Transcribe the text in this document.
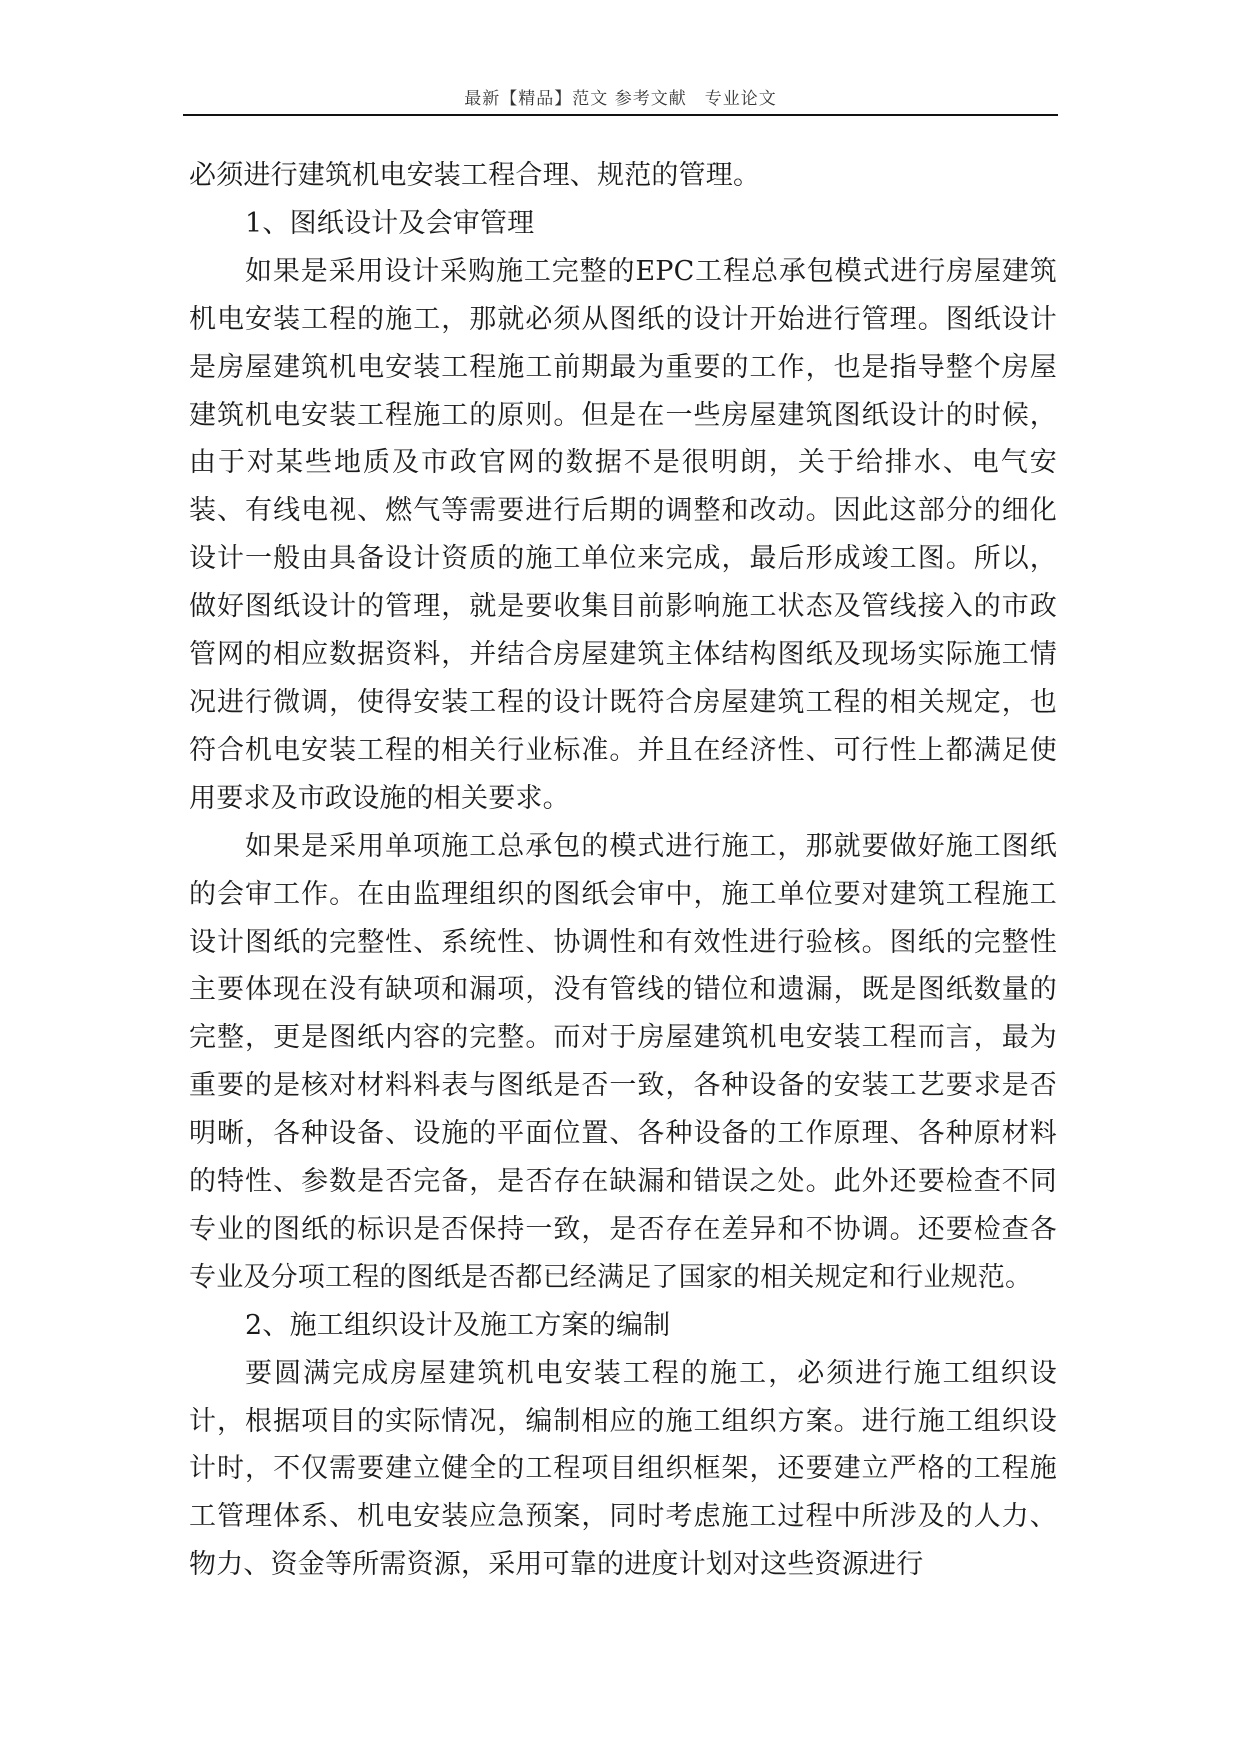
最新【精品】范文 参考文献　专业论文

必须进行建筑机电安装工程合理、规范的管理。

1、图纸设计及会审管理

如果是采用设计采购施工完整的EPC工程总承包模式进行房屋建筑机电安装工程的施工，那就必须从图纸的设计开始进行管理。图纸设计是房屋建筑机电安装工程施工前期最为重要的工作，也是指导整个房屋建筑机电安装工程施工的原则。但是在一些房屋建筑图纸设计的时候，由于对某些地质及市政官网的数据不是很明朗，关于给排水、电气安装、有线电视、燃气等需要进行后期的调整和改动。因此这部分的细化设计一般由具备设计资质的施工单位来完成，最后形成竣工图。所以，做好图纸设计的管理，就是要收集目前影响施工状态及管线接入的市政管网的相应数据资料，并结合房屋建筑主体结构图纸及现场实际施工情况进行微调，使得安装工程的设计既符合房屋建筑工程的相关规定，也符合机电安装工程的相关行业标准。并且在经济性、可行性上都满足使用要求及市政设施的相关要求。

如果是采用单项施工总承包的模式进行施工，那就要做好施工图纸的会审工作。在由监理组织的图纸会审中，施工单位要对建筑工程施工设计图纸的完整性、系统性、协调性和有效性进行验核。图纸的完整性主要体现在没有缺项和漏项，没有管线的错位和遗漏，既是图纸数量的完整，更是图纸内容的完整。而对于房屋建筑机电安装工程而言，最为重要的是核对材料料表与图纸是否一致，各种设备的安装工艺要求是否明晰，各种设备、设施的平面位置、各种设备的工作原理、各种原材料的特性、参数是否完备，是否存在缺漏和错误之处。此外还要检查不同专业的图纸的标识是否保持一致，是否存在差异和不协调。还要检查各专业及分项工程的图纸是否都已经满足了国家的相关规定和行业规范。

2、施工组织设计及施工方案的编制

要圆满完成房屋建筑机电安装工程的施工，必须进行施工组织设计，根据项目的实际情况，编制相应的施工组织方案。进行施工组织设计时，不仅需要建立健全的工程项目组织框架，还要建立严格的工程施工管理体系、机电安装应急预案，同时考虑施工过程中所涉及的人力、物力、资金等所需资源，采用可靠的进度计划对这些资源进行
